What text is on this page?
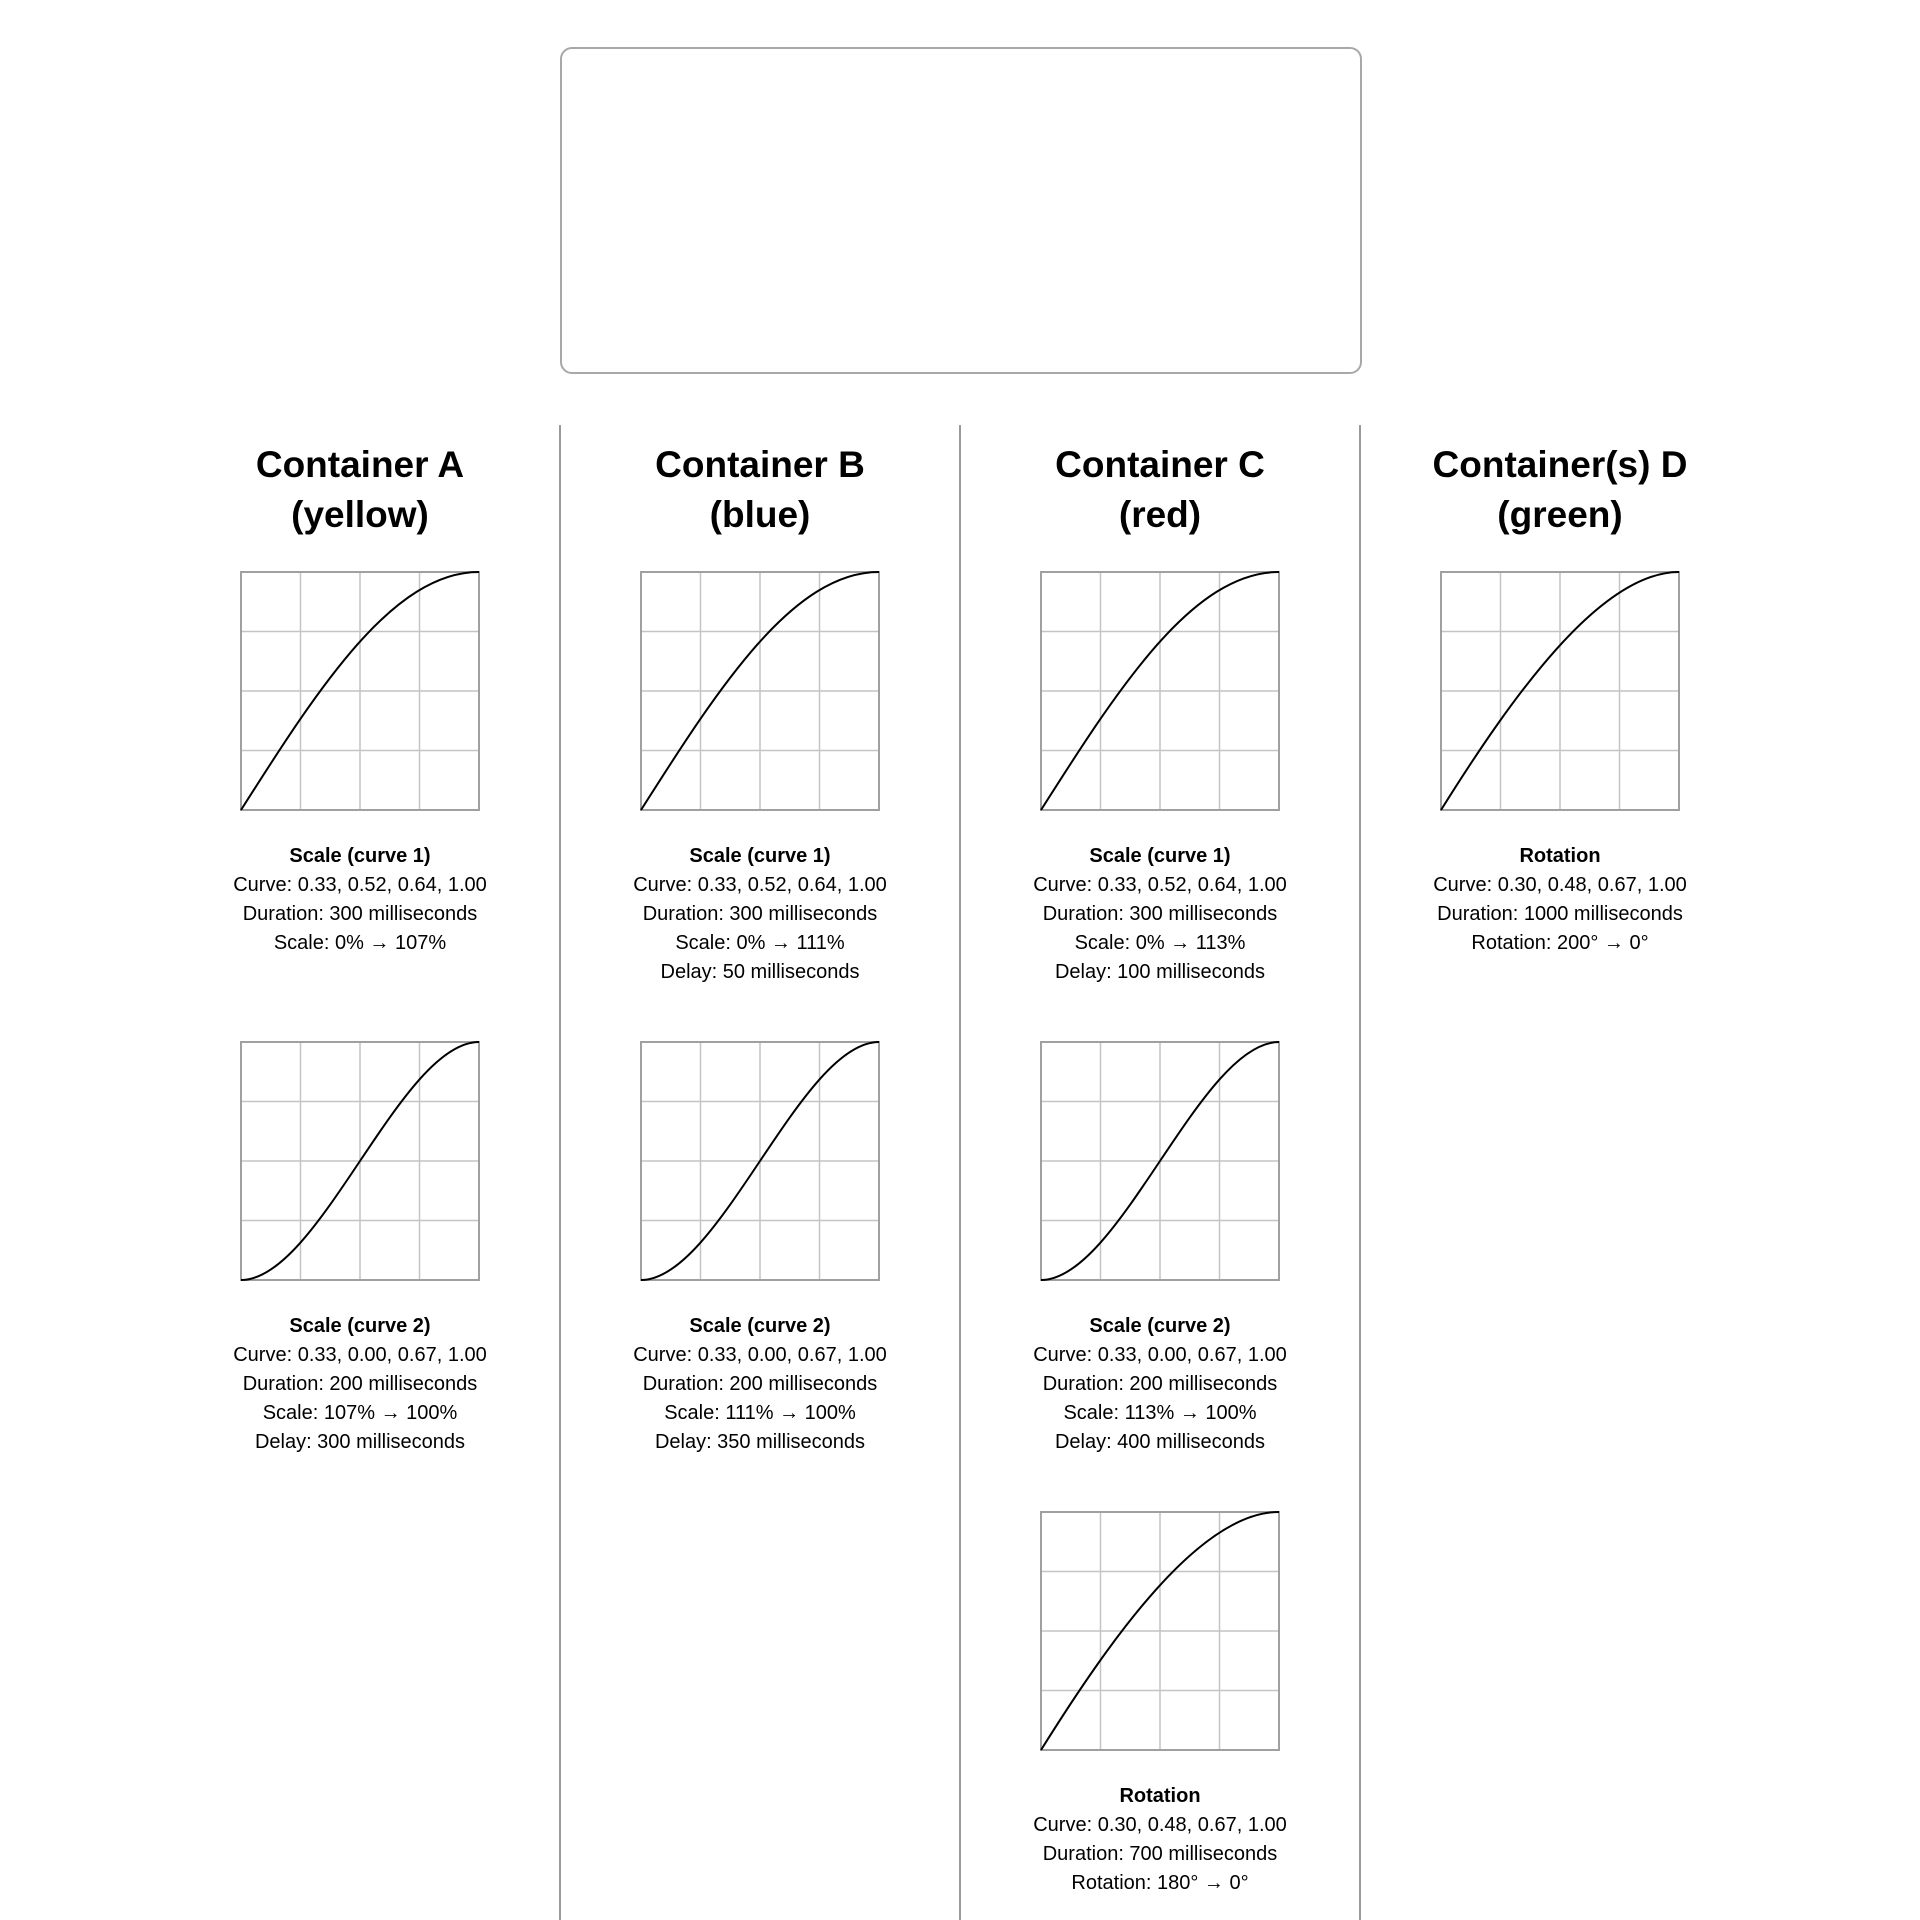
Container A
(yellow)
Scale (curve 1)
Curve: 0.33, 0.52, 0.64, 1.00
Duration: 300 milliseconds
Scale: 0% → 107%
Scale (curve 2)
Curve: 0.33, 0.00, 0.67, 1.00
Duration: 200 milliseconds
Scale: 107% → 100%
Delay: 300 milliseconds
Container B
(blue)
Scale (curve 1)
Curve: 0.33, 0.52, 0.64, 1.00
Duration: 300 milliseconds
Scale: 0% → 111%
Delay: 50 milliseconds
Scale (curve 2)
Curve: 0.33, 0.00, 0.67, 1.00
Duration: 200 milliseconds
Scale: 111% → 100%
Delay: 350 milliseconds
Container C
(red)
Scale (curve 1)
Curve: 0.33, 0.52, 0.64, 1.00
Duration: 300 milliseconds
Scale: 0% → 113%
Delay: 100 milliseconds
Scale (curve 2)
Curve: 0.33, 0.00, 0.67, 1.00
Duration: 200 milliseconds
Scale: 113% → 100%
Delay: 400 milliseconds
Rotation
Curve: 0.30, 0.48, 0.67, 1.00
Duration: 700 milliseconds
Rotation: 180° → 0°
Container(s) D
(green)
Rotation
Curve: 0.30, 0.48, 0.67, 1.00
Duration: 1000 milliseconds
Rotation: 200° → 0°
